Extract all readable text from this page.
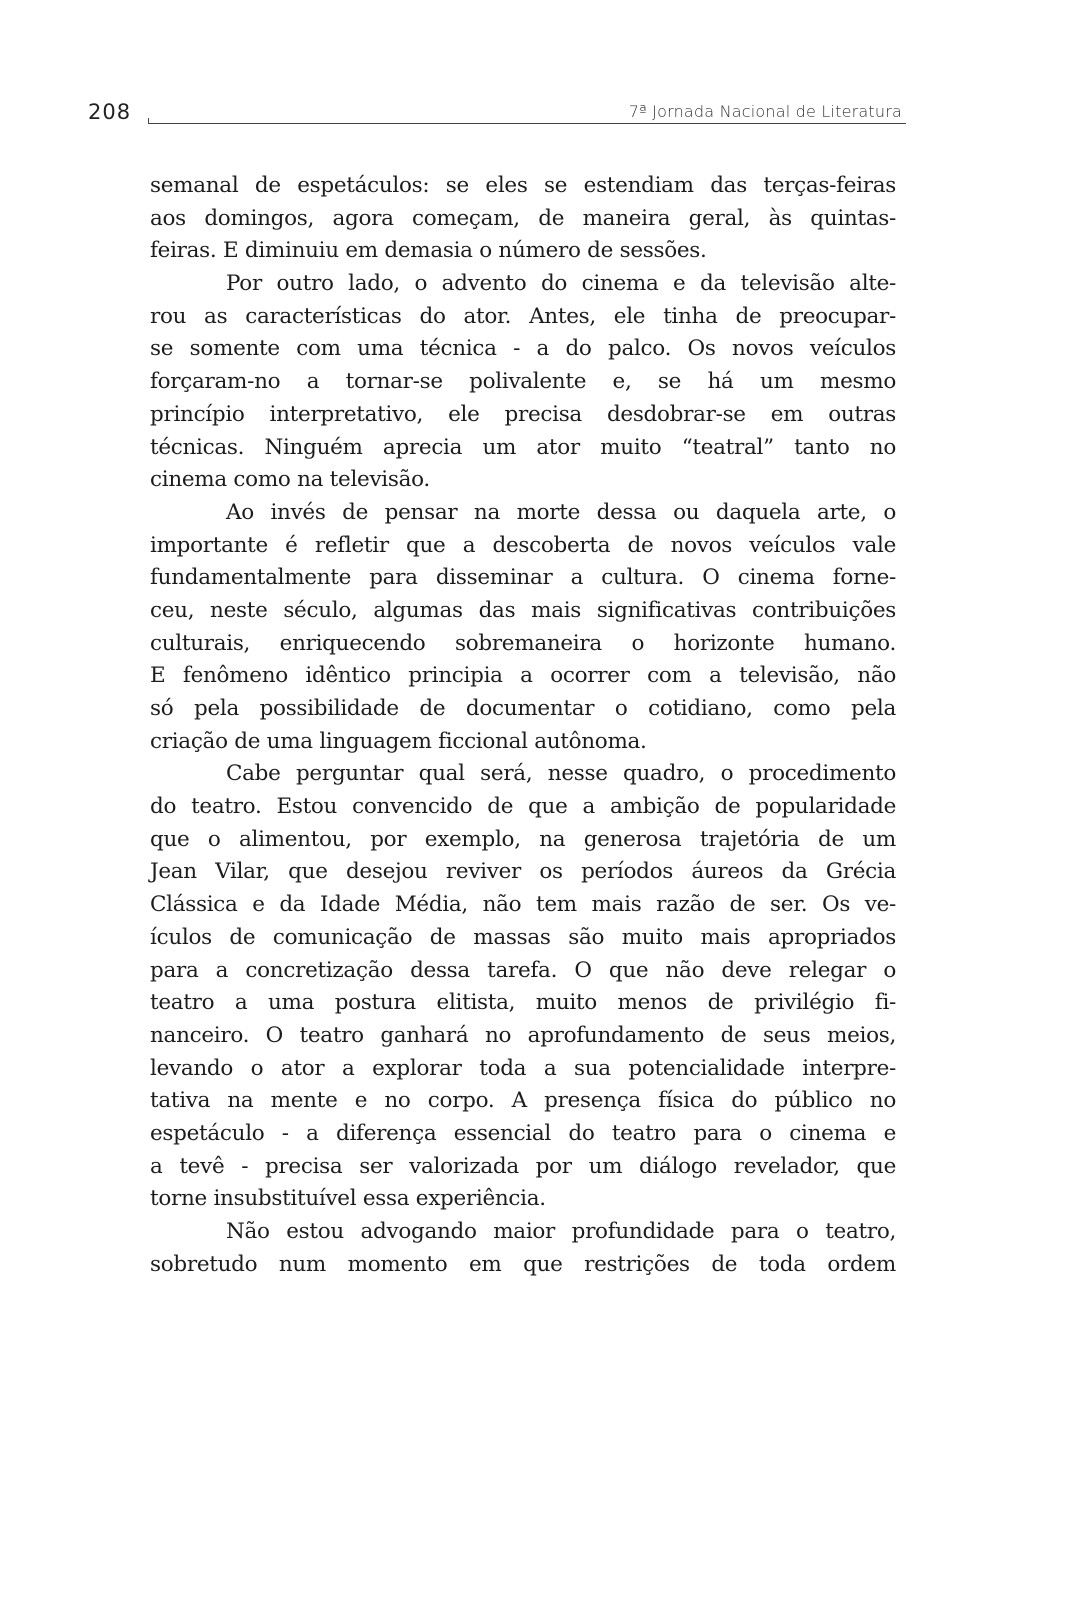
208	7ª Jornada Nacional de Literatura
semanal de espetáculos: se eles se estendiam das terças-feiras
aos domingos, agora começam, de maneira geral, às quintas-
feiras. E diminuiu em demasia o número de sessões.
Por outro lado, o advento do cinema e da televisão alte-
rou as características do ator. Antes, ele tinha de preocupar-
se somente com uma técnica - a do palco. Os novos veículos
forçaram-no a tornar-se polivalente e, se há um mesmo
princípio interpretativo, ele precisa desdobrar-se em outras
técnicas. Ninguém aprecia um ator muito “teatral” tanto no
cinema como na televisão.
Ao invés de pensar na morte dessa ou daquela arte, o
importante é refletir que a descoberta de novos veículos vale
fundamentalmente para disseminar a cultura. O cinema forne-
ceu, neste século, algumas das mais significativas contribuições
culturais, enriquecendo sobremaneira o horizonte humano.
E fenômeno idêntico principia a ocorrer com a televisão, não
só pela possibilidade de documentar o cotidiano, como pela
criação de uma linguagem ficcional autônoma.
Cabe perguntar qual será, nesse quadro, o procedimento
do teatro. Estou convencido de que a ambição de popularidade
que o alimentou, por exemplo, na generosa trajetória de um
Jean Vilar, que desejou reviver os períodos áureos da Grécia
Clássica e da Idade Média, não tem mais razão de ser. Os ve-
ículos de comunicação de massas são muito mais apropriados
para a concretização dessa tarefa. O que não deve relegar o
teatro a uma postura elitista, muito menos de privilégio fi-
nanceiro. O teatro ganhará no aprofundamento de seus meios,
levando o ator a explorar toda a sua potencialidade interpre-
tativa na mente e no corpo. A presença física do público no
espetáculo - a diferença essencial do teatro para o cinema e
a tevê - precisa ser valorizada por um diálogo revelador, que
torne insubstituível essa experiência.
Não estou advogando maior profundidade para o teatro,
sobretudo num momento em que restrições de toda ordem
